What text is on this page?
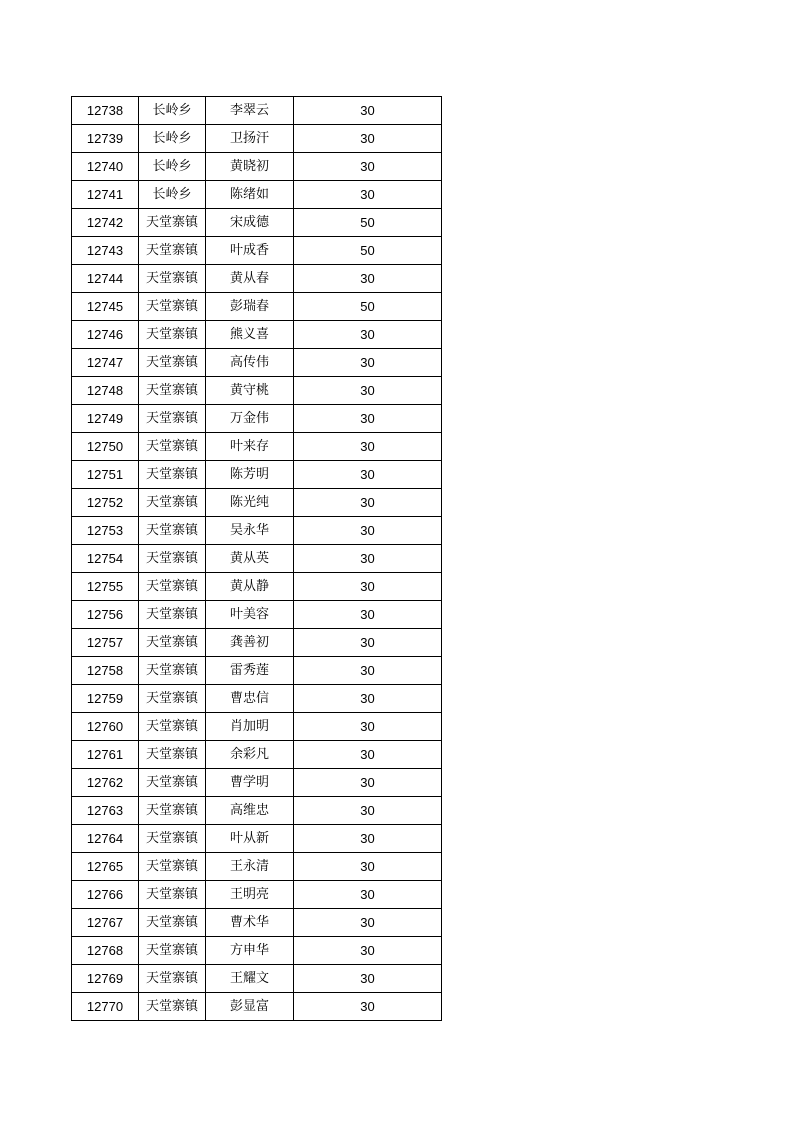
12738	长岭乡	李翠云	30
12739	长岭乡	卫扬汗	30
12740	长岭乡	黄晓初	30
12741	长岭乡	陈绪如	30
12742	天堂寨镇	宋成德	50
12743	天堂寨镇	叶成香	50
12744	天堂寨镇	黄从春	30
12745	天堂寨镇	彭瑞春	50
12746	天堂寨镇	熊义喜	30
12747	天堂寨镇	高传伟	30
12748	天堂寨镇	黄守桃	30
12749	天堂寨镇	万金伟	30
12750	天堂寨镇	叶来存	30
12751	天堂寨镇	陈芳明	30
12752	天堂寨镇	陈光纯	30
12753	天堂寨镇	吴永华	30
12754	天堂寨镇	黄从英	30
12755	天堂寨镇	黄从静	30
12756	天堂寨镇	叶美容	30
12757	天堂寨镇	龚善初	30
12758	天堂寨镇	雷秀莲	30
12759	天堂寨镇	曹忠信	30
12760	天堂寨镇	肖加明	30
12761	天堂寨镇	余彩凡	30
12762	天堂寨镇	曹学明	30
12763	天堂寨镇	高维忠	30
12764	天堂寨镇	叶从新	30
12765	天堂寨镇	王永清	30
12766	天堂寨镇	王明亮	30
12767	天堂寨镇	曹术华	30
12768	天堂寨镇	方申华	30
12769	天堂寨镇	王耀文	30
12770	天堂寨镇	彭显富	30
